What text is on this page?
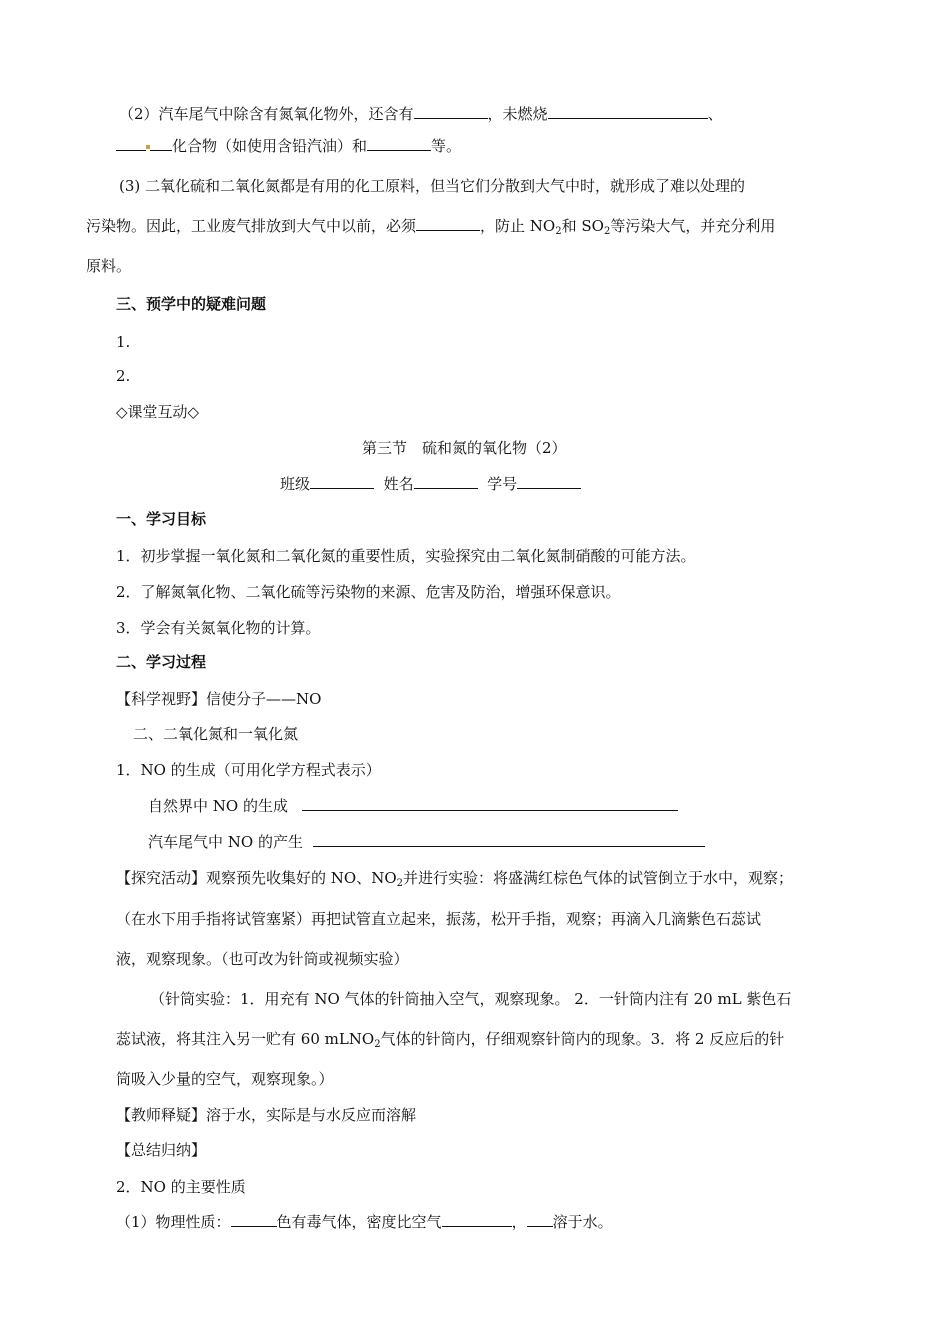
（2）汽车尾气中除含有氮氧化物外，还含有	，未燃烧	、
化合物（如使用含铅汽油）和	等。
(3) 二氧化硫和二氧化氮都是有用的化工原料，但当它们分散到大气中时，就形成了难以处理的
污染物。因此，工业废气排放到大气中以前，必须	，防止 $NO_2$和 $SO_2$等污染大气，并充分利用
原料。
三、预学中的疑难问题
1.
2.
◇课堂互动◇
第三节　硫和氮的氧化物（2）
班级	姓名	学号
一、学习目标
1．初步掌握一氧化氮和二氧化氮的重要性质，实验探究由二氧化氮制硝酸的可能方法。
2．了解氮氧化物、二氧化硫等污染物的来源、危害及防治，增强环保意识。
3．学会有关氮氧化物的计算。
二、学习过程
【科学视野】信使分子——NO
二、二氧化氮和一氧化氮
1．NO 的生成（可用化学方程式表示）
自然界中 NO 的生成
汽车尾气中 NO 的产生
【探究活动】观察预先收集好的 NO、$NO_2$并进行实验：将盛满红棕色气体的试管倒立于水中，观察；
（在水下用手指将试管塞紧）再把试管直立起来，振荡，松开手指，观察；再滴入几滴紫色石蕊试
液，观察现象。（也可改为针筒或视频实验）
（针筒实验：1．用充有 NO 气体的针筒抽入空气，观察现象。 2．一针筒内注有 20 mL 紫色石
蕊试液，将其注入另一贮有 60 mLNO$_2$气体的针筒内，仔细观察针筒内的现象。3．将 2 反应后的针
筒吸入少量的空气，观察现象。）
【教师释疑】溶于水，实际是与水反应而溶解
【总结归纳】
2．NO 的主要性质
（1）物理性质：	色有毒气体，密度比空气	， 溶于水。
